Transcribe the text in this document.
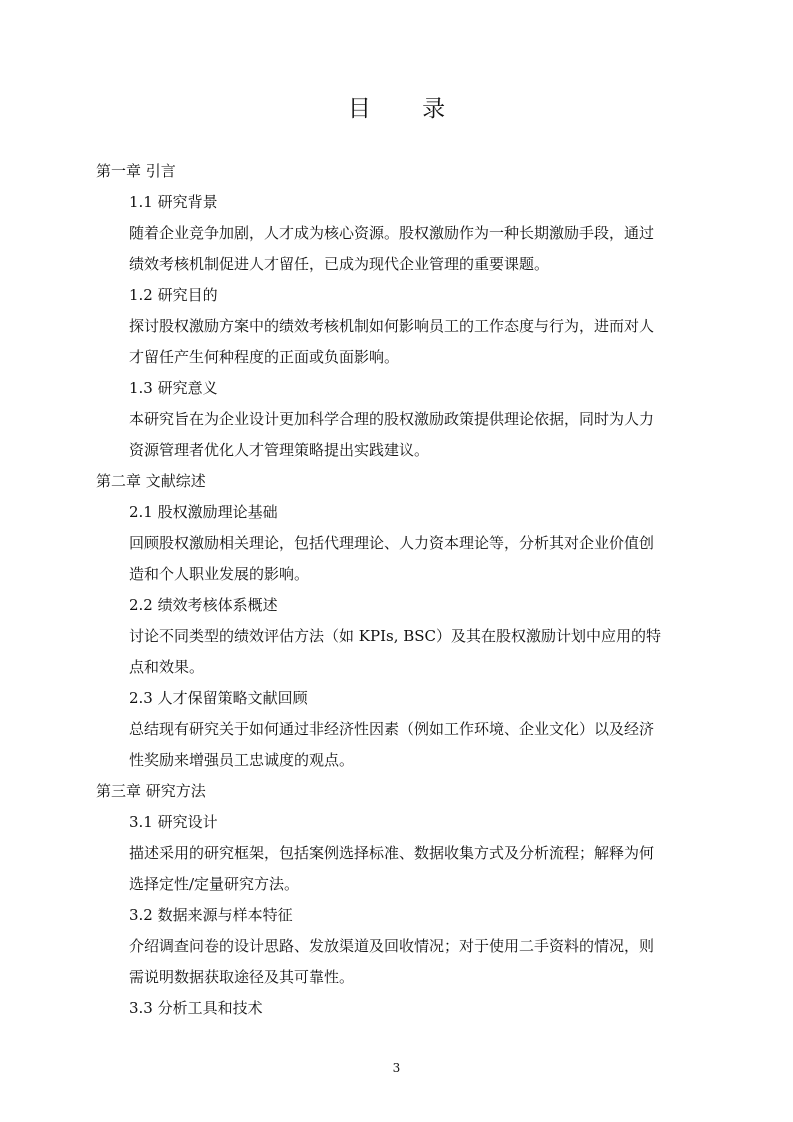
目 录
第一章 引言
1.1 研究背景
随着企业竞争加剧，人才成为核心资源。股权激励作为一种长期激励手段，通过
绩效考核机制促进人才留任，已成为现代企业管理的重要课题。
1.2 研究目的
探讨股权激励方案中的绩效考核机制如何影响员工的工作态度与行为，进而对人
才留任产生何种程度的正面或负面影响。
1.3 研究意义
本研究旨在为企业设计更加科学合理的股权激励政策提供理论依据，同时为人力
资源管理者优化人才管理策略提出实践建议。
第二章 文献综述
2.1 股权激励理论基础
回顾股权激励相关理论，包括代理理论、人力资本理论等，分析其对企业价值创
造和个人职业发展的影响。
2.2 绩效考核体系概述
讨论不同类型的绩效评估方法（如 KPIs, BSC）及其在股权激励计划中应用的特
点和效果。
2.3 人才保留策略文献回顾
总结现有研究关于如何通过非经济性因素（例如工作环境、企业文化）以及经济
性奖励来增强员工忠诚度的观点。
第三章 研究方法
3.1 研究设计
描述采用的研究框架，包括案例选择标准、数据收集方式及分析流程；解释为何
选择定性/定量研究方法。
3.2 数据来源与样本特征
介绍调查问卷的设计思路、发放渠道及回收情况；对于使用二手资料的情况，则
需说明数据获取途径及其可靠性。
3.3 分析工具和技术
3
